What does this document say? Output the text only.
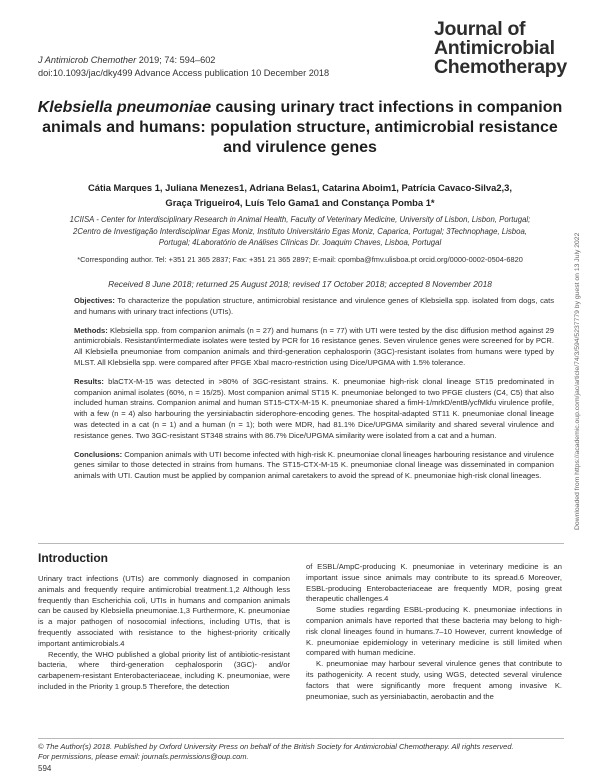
J Antimicrob Chemother 2019; 74: 594–602
doi:10.1093/jac/dky499 Advance Access publication 10 December 2018
Journal of
Antimicrobial
Chemotherapy
Klebsiella pneumoniae causing urinary tract infections in companion animals and humans: population structure, antimicrobial resistance and virulence genes
Cátia Marques 1, Juliana Menezes1, Adriana Belas1, Catarina Aboim1, Patrícia Cavaco-Silva2,3,
Graça Trigueiro4, Luís Telo Gama1 and Constança Pomba 1*
1CIISA - Center for Interdisciplinary Research in Animal Health, Faculty of Veterinary Medicine, University of Lisbon, Lisbon, Portugal;
2Centro de Investigação Interdisciplinar Egas Moniz, Instituto Universitário Egas Moniz, Caparica, Portugal; 3Technophage, Lisboa,
Portugal; 4Laboratório de Análises Clínicas Dr. Joaquim Chaves, Lisboa, Portugal
*Corresponding author. Tel: +351 21 365 2837; Fax: +351 21 365 2897; E-mail: cpomba@fmv.ulisboa.pt orcid.org/0000-0002-0504-6820
Received 8 June 2018; returned 25 August 2018; revised 17 October 2018; accepted 8 November 2018

Objectives: To characterize the population structure, antimicrobial resistance and virulence genes of Klebsiella spp. isolated from dogs, cats and humans with urinary tract infections (UTIs).

Methods: Klebsiella spp. from companion animals (n = 27) and humans (n = 77) with UTI were tested by the disc diffusion method against 29 antimicrobials. Resistant/intermediate isolates were tested by PCR for 16 resistance genes. Seven virulence genes were screened for by PCR. All Klebsiella pneumoniae from companion animals and third-generation cephalosporin (3GC)-resistant isolates from humans were typed by MLST. All Klebsiella spp. were compared after PFGE XbaI macro-restriction using Dice/UPGMA with 1.5% tolerance.

Results: blaCTX-M-15 was detected in >80% of 3GC-resistant strains. K. pneumoniae high-risk clonal lineage ST15 predominated in companion animal isolates (60%, n = 15/25). Most companion animal ST15 K. pneumoniae belonged to two PFGE clusters (C4, C5) that also included human strains. Companion animal and human ST15-CTX-M-15 K. pneumoniae shared a fimH-1/mrkD/entB/ycfMkfu virulence profile, with a few (n = 4) also harbouring the yersiniabactin siderophore-encoding genes. The hospital-adapted ST11 K. pneumoniae clonal lineage was detected in a cat (n = 1) and a human (n = 1); both were MDR, had 81.1% Dice/UPGMA similarity and shared several virulence and resistance genes. Two 3GC-resistant ST348 strains with 86.7% Dice/UPGMA similarity were isolated from a cat and a human.

Conclusions: Companion animals with UTI become infected with high-risk K. pneumoniae clonal lineages harbouring resistance and virulence genes similar to those detected in strains from humans. The ST15-CTX-M-15 K. pneumoniae clonal lineage was disseminated in companion animals with UTI. Caution must be applied by companion animal caretakers to avoid the spread of K. pneumoniae high-risk clonal lineages.

Introduction

Urinary tract infections (UTIs) are commonly diagnosed in companion animals and frequently require antimicrobial treatment.1,2 Although less frequently than Escherichia coli, UTIs in humans and companion animals can be caused by Klebsiella pneumoniae.1,3 Furthermore, K. pneumoniae is a major pathogen of nosocomial infections, including UTIs, that is frequently associated with resistance to the highest-priority critically important antimicrobials.4

Recently, the WHO published a global priority list of antibiotic-resistant bacteria, where third-generation cephalosporin (3GC)- and/or carbapenem-resistant Enterobacteriaceae, including K. pneumoniae, were included in the Priority 1 group.5 Therefore, the detection

of ESBL/AmpC-producing K. pneumoniae in veterinary medicine is an important issue since animals may contribute to its spread.6 Moreover, ESBL-producing Enterobacteriaceae are frequently MDR, posing great therapeutic challenges.4

Some studies regarding ESBL-producing K. pneumoniae infections in companion animals have reported that these bacteria may belong to high-risk clonal lineages found in humans.7–10 However, current knowledge of K. pneumoniae epidemiology in veterinary medicine is still limited when compared with human medicine.

K. pneumoniae may harbour several virulence genes that contribute to its pathogenicity. A recent study, using WGS, detected several virulence factors that were significantly more frequent among invasive K. pneumoniae, such as yersiniabactin, aerobactin and the

© The Author(s) 2018. Published by Oxford University Press on behalf of the British Society for Antimicrobial Chemotherapy. All rights reserved.
For permissions, please email: journals.permissions@oup.com.
594
Downloaded from https://academic.oup.com/jac/article/74/3/594/5237779 by guest on 13 July 2022
